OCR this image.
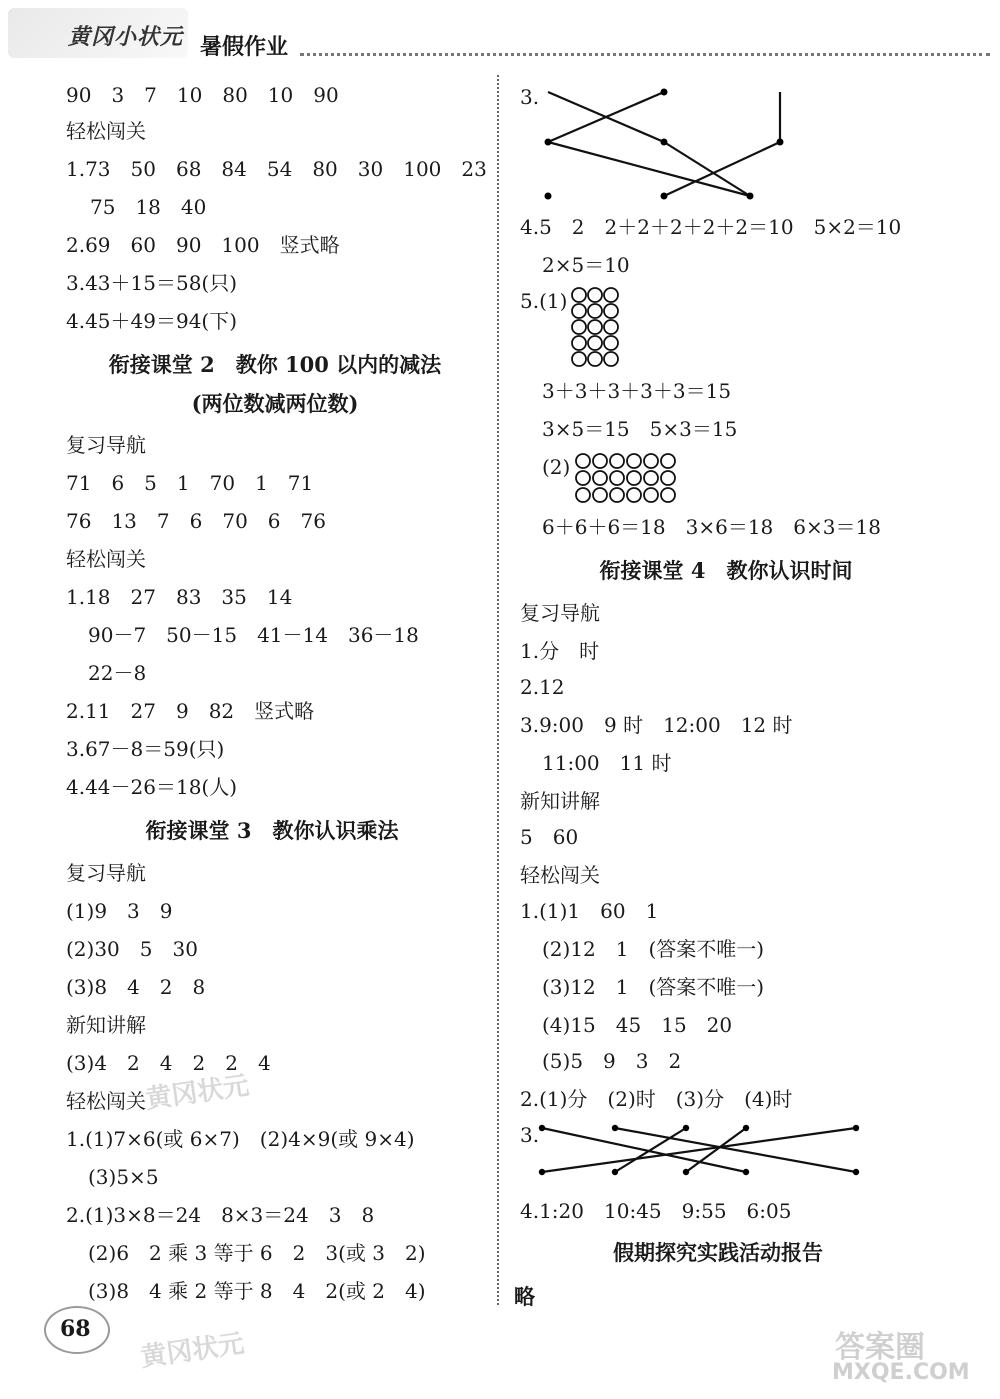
黄冈小状元 暑假作业
90　3　7　10　80　10　90
轻松闯关
1.73　50　68　84　54　80　30　100　23
75　18　40
2.69　60　90　100　竖式略
3.43＋15＝58(只)
4.45＋49＝94(下)
衔接课堂 2　教你 100 以内的减法
(两位数减两位数)
复习导航
71　6　5　1　70　1　71
76　13　7　6　70　6　76
轻松闯关
1.18　27　83　35　14
90－7　50－15　41－14　36－18
22－8
2.11　27　9　82　竖式略
3.67－8＝59(只)
4.44－26＝18(人)
衔接课堂 3　教你认识乘法
复习导航
(1)9　3　9
(2)30　5　30
(3)8　4　2　8
新知讲解
(3)4　2　4　2　2　4
轻松闯关
1.(1)7×6(或 6×7)　(2)4×9(或 9×4)
(3)5×5
2.(1)3×8＝24　8×3＝24　3　8
(2)6　2 乘 3 等于 6　2　3(或 3　2)
(3)8　4 乘 2 等于 8　4　2(或 2　4)
3.
4.5　2　2＋2＋2＋2＋2＝10　5×2＝10
2×5＝10
5.(1)
3＋3＋3＋3＋3＝15
3×5＝15　5×3＝15
(2)
6＋6＋6＝18　3×6＝18　6×3＝18
衔接课堂 4　教你认识时间
复习导航
1.分　时
2.12
3.9:00　9 时　12:00　12 时
11:00　11 时
新知讲解
5　60
轻松闯关
1.(1)1　60　1
(2)12　1　(答案不唯一)
(3)12　1　(答案不唯一)
(4)15　45　15　20
(5)5　9　3　2
2.(1)分　(2)时　(3)分　(4)时
3.
4.1:20　10:45　9:55　6:05
假期探究实践活动报告
略
68
黄冈状元
黄冈状元	答案圈
MXQE.COM
